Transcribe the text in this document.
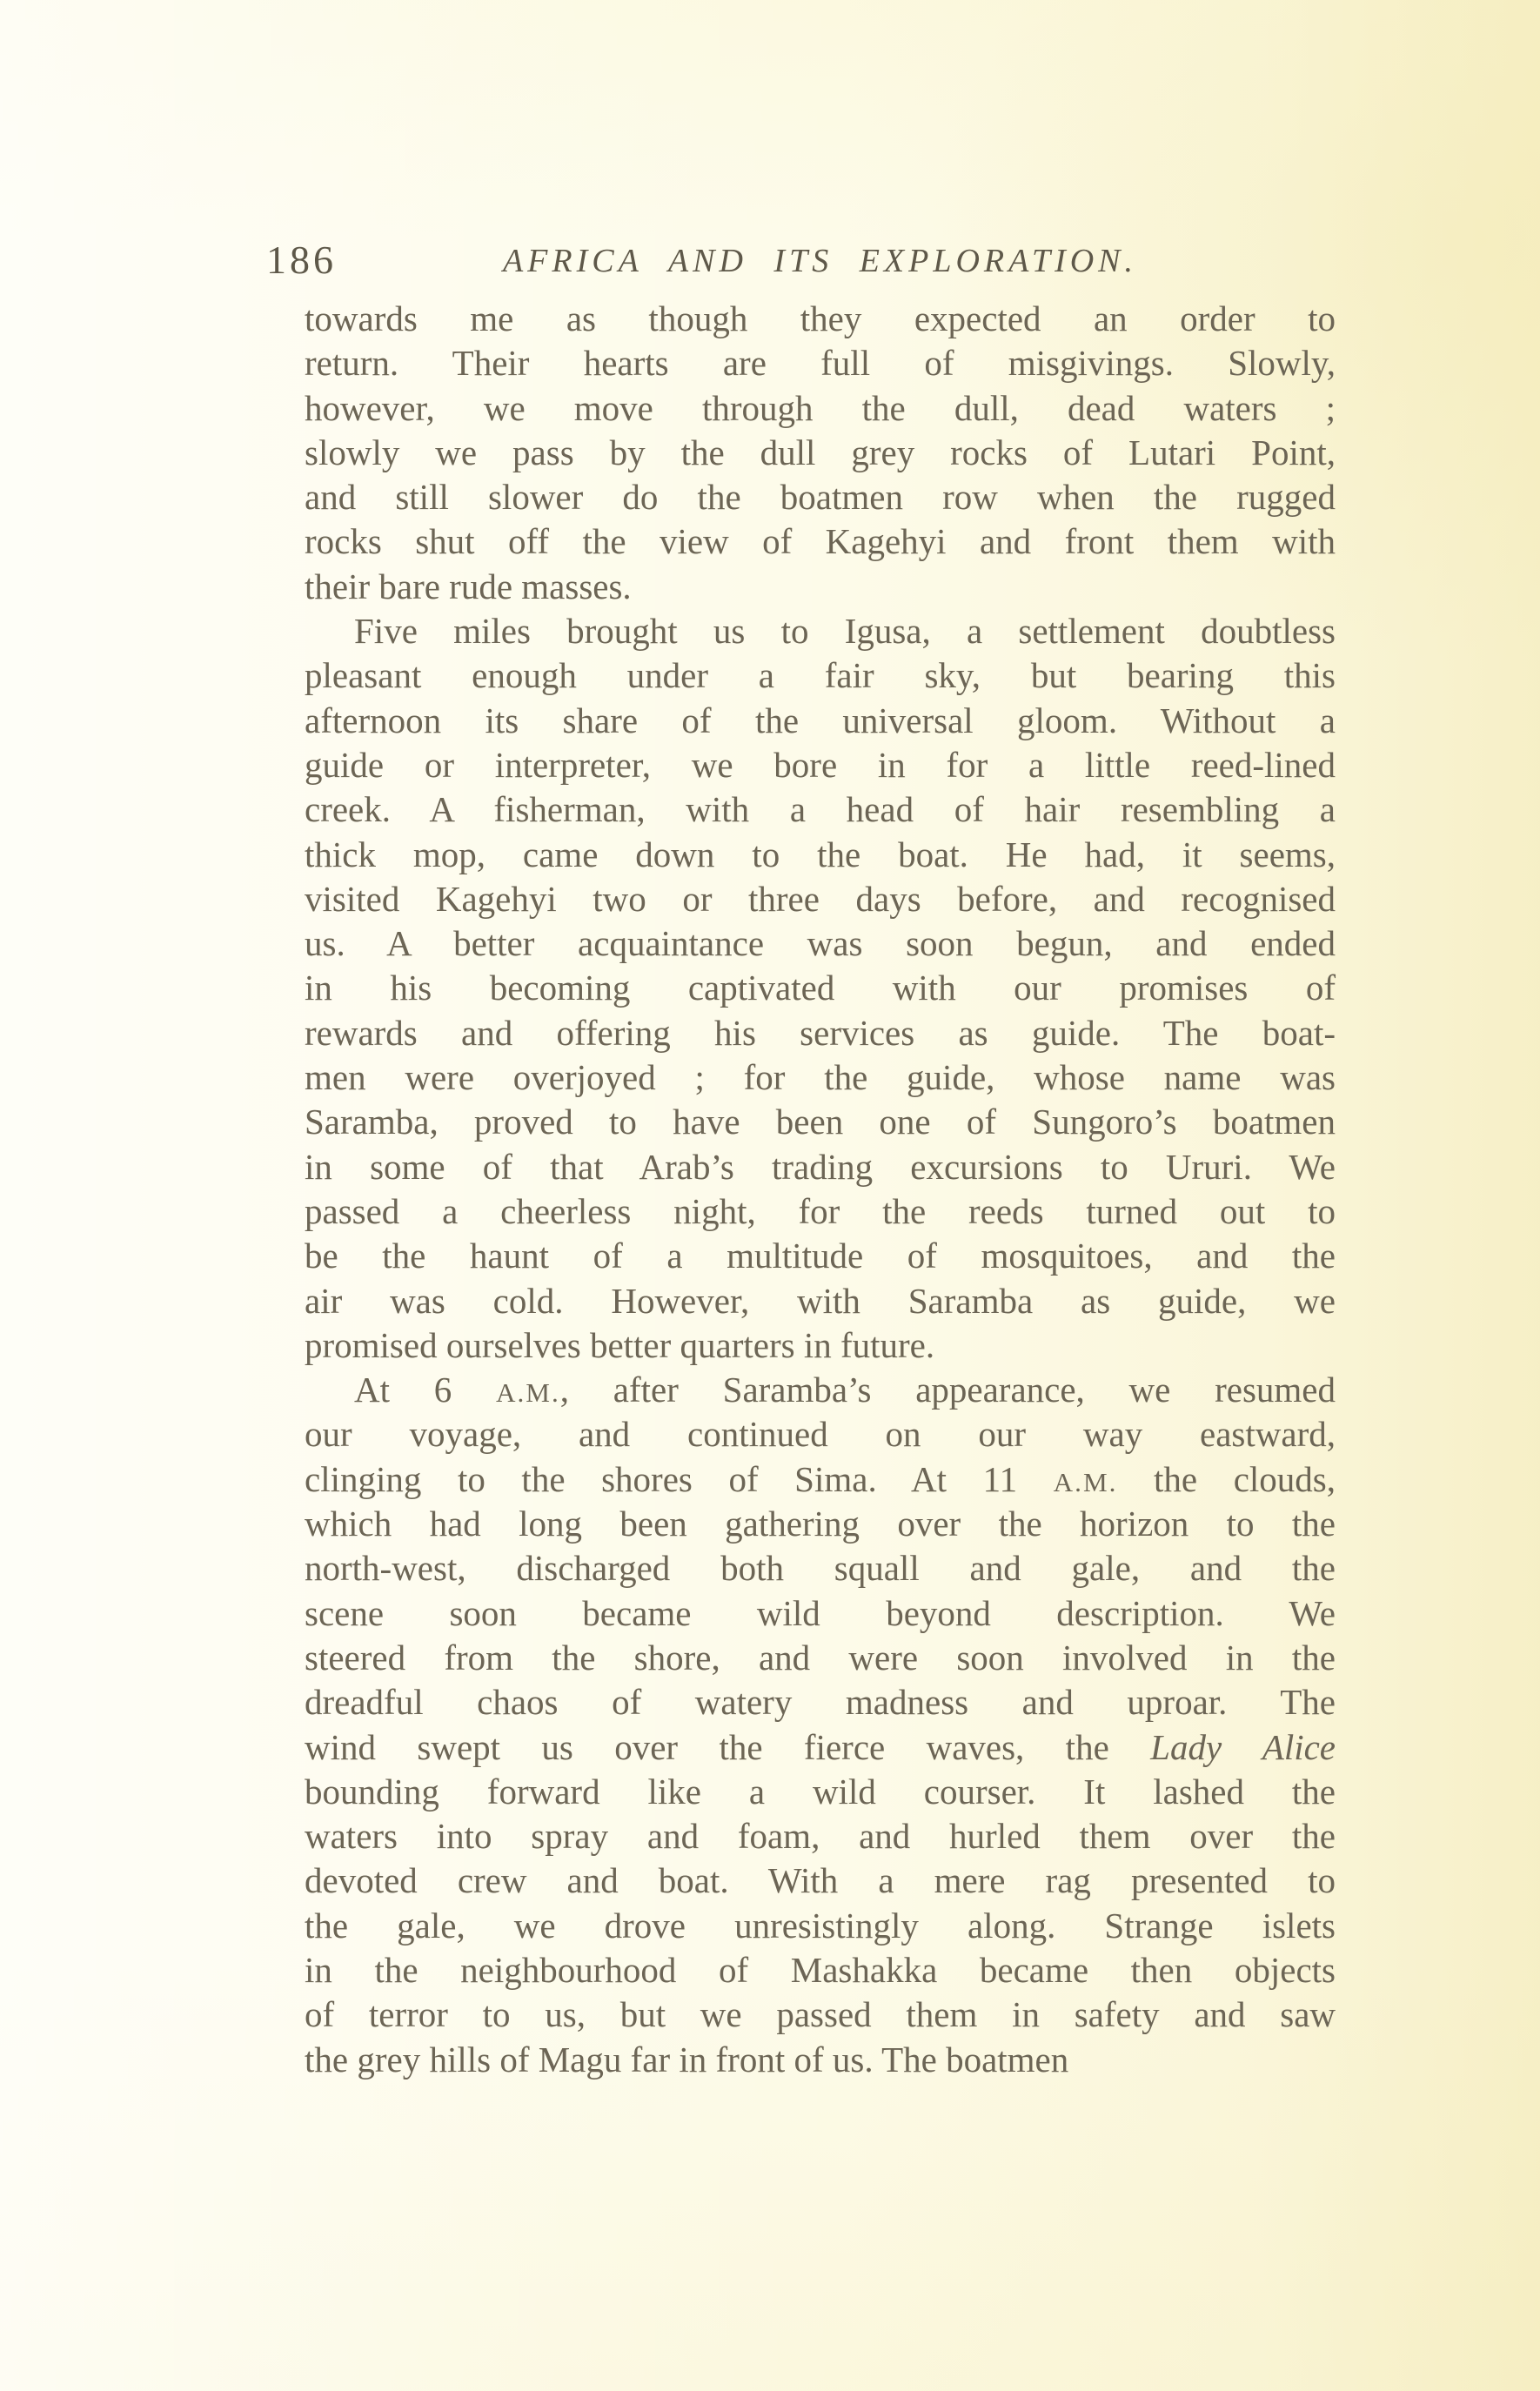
186	AFRICA AND ITS EXPLORATION.
towards me as though they expected an order to
return. Their hearts are full of misgivings. Slowly,
however, we move through the dull, dead waters ;
slowly we pass by the dull grey rocks of Lutari Point,
and still slower do the boatmen row when the rugged
rocks shut off the view of Kagehyi and front them with
their bare rude masses.
Five miles brought us to Igusa, a settlement doubtless
pleasant enough under a fair sky, but bearing this
afternoon its share of the universal gloom. Without a
guide or interpreter, we bore in for a little reed-lined
creek. A fisherman, with a head of hair resembling a
thick mop, came down to the boat. He had, it seems,
visited Kagehyi two or three days before, and recognised
us. A better acquaintance was soon begun, and ended
in his becoming captivated with our promises of
rewards and offering his services as guide. The boat-
men were overjoyed ; for the guide, whose name was
Saramba, proved to have been one of Sungoro’s boatmen
in some of that Arab’s trading excursions to Ururi. We
passed a cheerless night, for the reeds turned out to
be the haunt of a multitude of mosquitoes, and the
air was cold. However, with Saramba as guide, we
promised ourselves better quarters in future.
At 6 A.M., after Saramba’s appearance, we resumed
our voyage, and continued on our way eastward,
clinging to the shores of Sima. At 11 A.M. the clouds,
which had long been gathering over the horizon to the
north-west, discharged both squall and gale, and the
scene soon became wild beyond description. We
steered from the shore, and were soon involved in the
dreadful chaos of watery madness and uproar. The
wind swept us over the fierce waves, the Lady Alice
bounding forward like a wild courser. It lashed the
waters into spray and foam, and hurled them over the
devoted crew and boat. With a mere rag presented to
the gale, we drove unresistingly along. Strange islets
in the neighbourhood of Mashakka became then objects
of terror to us, but we passed them in safety and saw
the grey hills of Magu far in front of us. The boatmen
